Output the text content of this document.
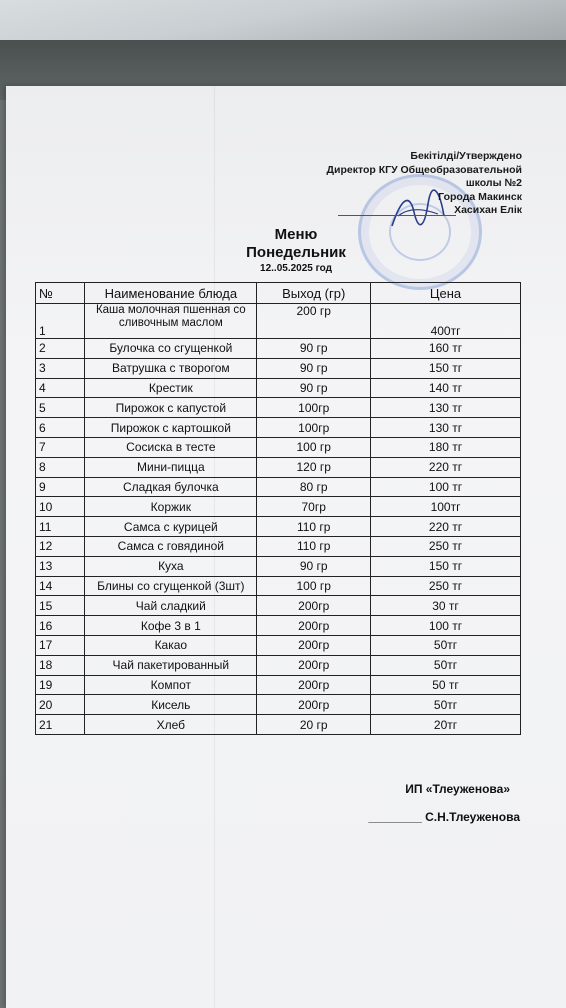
Бекітілді/Утверждено
Директор КГУ Общеобразовательной
школы №2
Города Макинск
Хасихан Елік
Меню
Понедельник
12..05.2025 год
№	Наименование блюда	Выход (гр)	Цена
1	Каша молочная пшенная со сливочным маслом	200 гр	400тг
2	Булочка со сгущенкой	90 гр	160 тг
3	Ватрушка с творогом	90 гр	150 тг
4	Крестик	90 гр	140 тг
5	Пирожок с капустой	100гр	130 тг
6	Пирожок с картошкой	100гр	130 тг
7	Сосиска в тесте	100 гр	180 тг
8	Мини-пицца	120 гр	220 тг
9	Сладкая булочка	80 гр	100 тг
10	Коржик	70гр	100тг
11	Самса с курицей	110 гр	220 тг
12	Самса с говядиной	110 гр	250 тг
13	Куха	90 гр	150 тг
14	Блины со сгущенкой (3шт)	100 гр	250 тг
15	Чай сладкий	200гр	30 тг
16	Кофе 3 в 1	200гр	100 тг
17	Какао	200гр	50тг
18	Чай пакетированный	200гр	50тг
19	Компот	200гр	50 тг
20	Кисель	200гр	50тг
21	Хлеб	20 гр	20тг
ИП «Тлеуженова»
________ С.Н.Тлеуженова
